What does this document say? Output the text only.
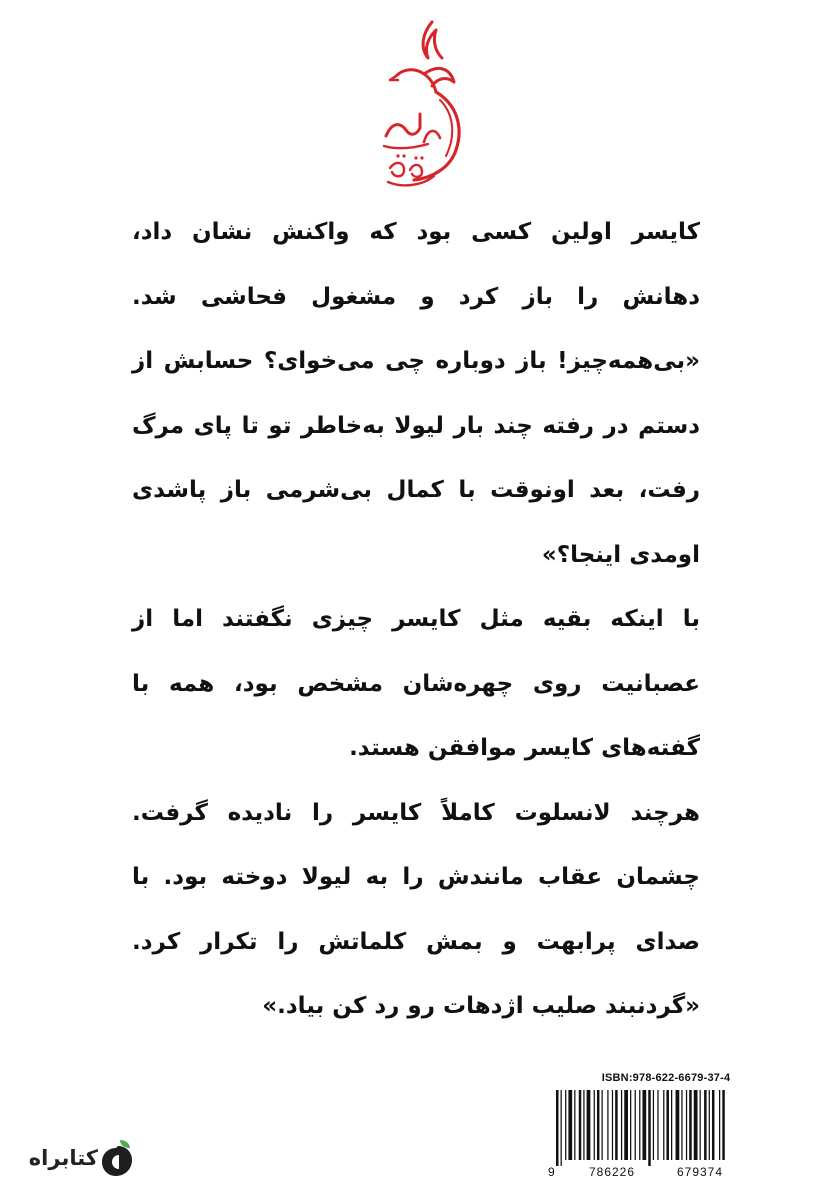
کایسر اولین کسی بود که واکنش نشان داد، دهانش را باز کرد و مشغول فحاشی شد. «بی‌همه‌چیز! باز دوباره چی می‌خوای؟ حسابش از دستم در رفته چند بار لیولا به‌خاطر تو تا پای مرگ رفت، بعد اونوقت با کمال بی‌شرمی باز پاشدی اومدی اینجا؟»

با اینکه بقیه مثل کایسر چیزی نگفتند اما از عصبانیت روی چهره‌شان مشخص بود، همه با گفته‌های کایسر موافقن هستد.

هرچند لانسلوت کاملاً کایسر را نادیده گرفت. چشمان عقاب مانندش را به لیولا دوخته بود. با صدای پرابهت و بمش کلماتش را تکرار کرد. «گردنبند صلیب اژدهات رو رد کن بیاد.»

ISBN:978-622-6679-37-4
9	786226	679374
کتابراه
